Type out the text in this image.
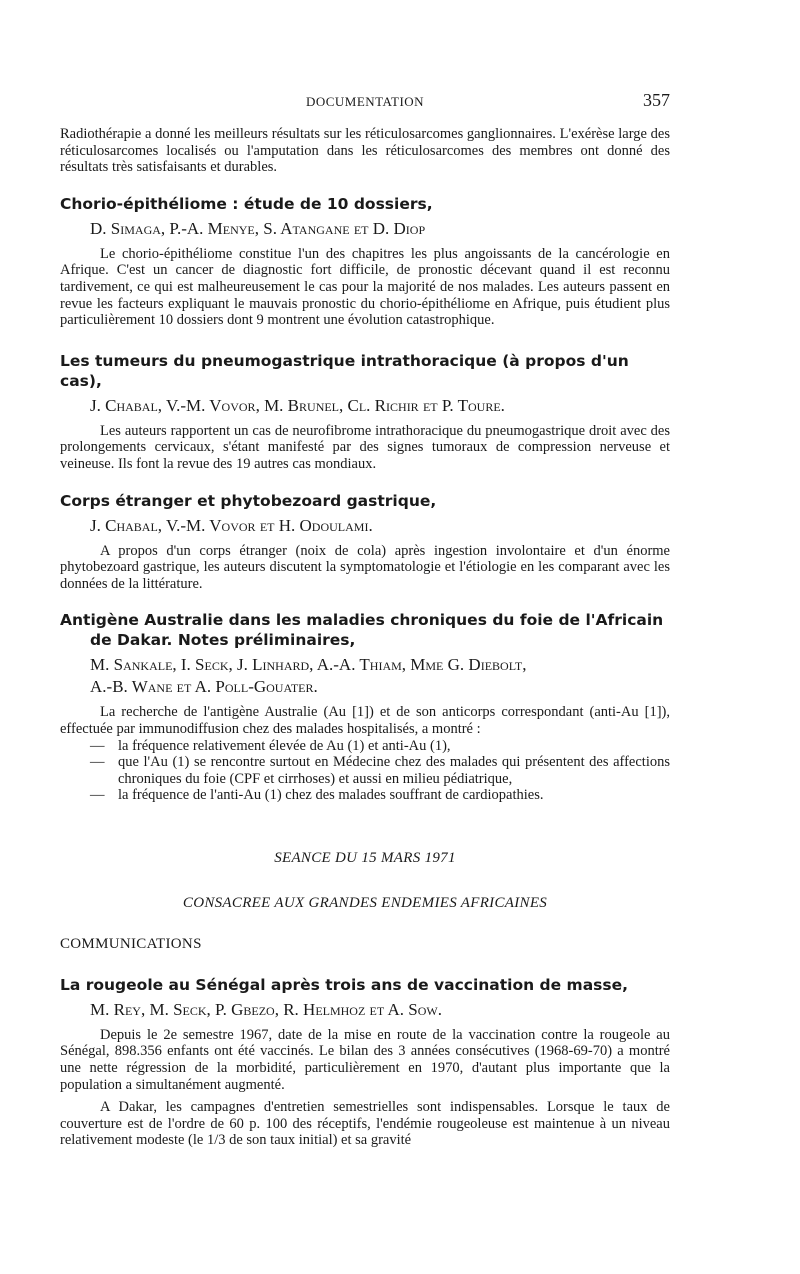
DOCUMENTATION	357

Radiothérapie a donné les meilleurs résultats sur les réticulosarcomes ganglionnaires. L'exérèse large des réticulosarcomes localisés ou l'amputation dans les réticulosarcomes des membres ont donné des résultats très satisfaisants et durables.

Chorio-épithéliome : étude de 10 dossiers,
D. Simaga, P.-A. Menye, S. Atangane et D. Diop

Le chorio-épithéliome constitue l'un des chapitres les plus angoissants de la cancérologie en Afrique. C'est un cancer de diagnostic fort difficile, de pronostic décevant quand il est reconnu tardivement, ce qui est malheureusement le cas pour la majorité de nos malades. Les auteurs passent en revue les facteurs expliquant le mauvais pronostic du chorio-épithéliome en Afrique, puis étudient plus particulièrement 10 dossiers dont 9 montrent une évolution catastrophique.

Les tumeurs du pneumogastrique intrathoracique (à propos d'un cas),
J. Chabal, V.-M. Vovor, M. Brunel, Cl. Richir et P. Toure.

Les auteurs rapportent un cas de neurofibrome intrathoracique du pneumogastrique droit avec des prolongements cervicaux, s'étant manifesté par des signes tumoraux de compression nerveuse et veineuse. Ils font la revue des 19 autres cas mondiaux.

Corps étranger et phytobezoard gastrique,
J. Chabal, V.-M. Vovor et H. Odoulami.

A propos d'un corps étranger (noix de cola) après ingestion involontaire et d'un énorme phytobezoard gastrique, les auteurs discutent la symptomatologie et l'étiologie en les comparant avec les données de la littérature.

Antigène Australie dans les maladies chroniques du foie de l'Africain
de Dakar. Notes préliminaires,
M. Sankale, I. Seck, J. Linhard, A.-A. Thiam, Mme G. Diebolt,
A.-B. Wane et A. Poll-Gouater.

La recherche de l'antigène Australie (Au [1]) et de son anticorps correspondant (anti-Au [1]), effectuée par immunodiffusion chez des malades hospitalisés, a montré :

— la fréquence relativement élevée de Au (1) et anti-Au (1),
— que l'Au (1) se rencontre surtout en Médecine chez des malades qui présentent des affections chroniques du foie (CPF et cirrhoses) et aussi en milieu pédiatrique,
— la fréquence de l'anti-Au (1) chez des malades souffrant de cardiopathies.
SEANCE DU 15 MARS 1971
CONSACREE AUX GRANDES ENDEMIES AFRICAINES
COMMUNICATIONS
La rougeole au Sénégal après trois ans de vaccination de masse,
M. Rey, M. Seck, P. Gbezo, R. Helmhoz et A. Sow.

Depuis le 2e semestre 1967, date de la mise en route de la vaccination contre la rougeole au Sénégal, 898.356 enfants ont été vaccinés. Le bilan des 3 années consécutives (1968-69-70) a montré une nette régression de la morbidité, particulièrement en 1970, d'autant plus importante que la population a simultanément augmenté.

A Dakar, les campagnes d'entretien semestrielles sont indispensables. Lorsque le taux de couverture est de l'ordre de 60 p. 100 des réceptifs, l'endémie rougeoleuse est maintenue à un niveau relativement modeste (le 1/3 de son taux initial) et sa gravité
